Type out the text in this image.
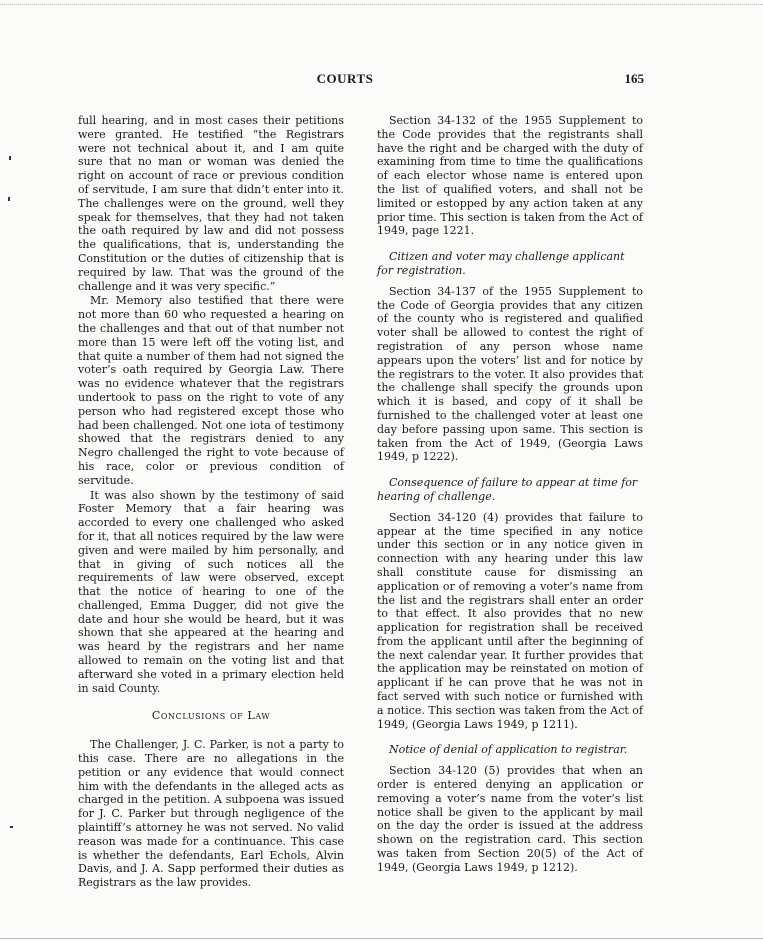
COURTS	165

full hearing, and in most cases their petitions were granted. He testified “the Registrars were not technical about it, and I am quite sure that no man or woman was denied the right on account of race or previous condition of servitude, I am sure that didn’t enter into it. The challenges were on the ground, well they speak for themselves, that they had not taken the oath required by law and did not possess the qualifications, that is, understanding the Constitution or the duties of citizenship that is required by law. That was the ground of the challenge and it was very specific.”

Mr. Memory also testified that there were not more than 60 who requested a hearing on the challenges and that out of that number not more than 15 were left off the voting list, and that quite a number of them had not signed the voter’s oath required by Georgia Law. There was no evidence whatever that the registrars undertook to pass on the right to vote of any person who had registered except those who had been challenged. Not one iota of testimony showed that the registrars denied to any Negro challenged the right to vote because of his race, color or previous condition of servitude.

It was also shown by the testimony of said Foster Memory that a fair hearing was accorded to every one challenged who asked for it, that all notices required by the law were given and were mailed by him personally, and that in giving of such notices all the requirements of law were observed, except that the notice of hearing to one of the challenged, Emma Dugger, did not give the date and hour she would be heard, but it was shown that she appeared at the hearing and was heard by the registrars and her name allowed to remain on the voting list and that afterward she voted in a primary election held in said County.

Conclusions of Law

The Challenger, J. C. Parker, is not a party to this case. There are no allegations in the petition or any evidence that would connect him with the defendants in the alleged acts as charged in the petition. A subpoena was issued for J. C. Parker but through negligence of the plaintiff’s attorney he was not served. No valid reason was made for a continuance. This case is whether the defendants, Earl Echols, Alvin Davis, and J. A. Sapp performed their duties as Registrars as the law provides.

Section 34-132 of the 1955 Supplement to the Code provides that the registrants shall have the right and be charged with the duty of examining from time to time the qualifications of each elector whose name is entered upon the list of qualified voters, and shall not be limited or estopped by any action taken at any prior time. This section is taken from the Act of 1949, page 1221.

Citizen and voter may challenge applicant for registration.

Section 34-137 of the 1955 Supplement to the Code of Georgia provides that any citizen of the county who is registered and qualified voter shall be allowed to contest the right of registration of any person whose name appears upon the voters’ list and for notice by the registrars to the voter. It also provides that the challenge shall specify the grounds upon which it is based, and copy of it shall be furnished to the challenged voter at least one day before passing upon same. This section is taken from the Act of 1949, (Georgia Laws 1949, p 1222).

Consequence of failure to appear at time for hearing of challenge.

Section 34-120 (4) provides that failure to appear at the time specified in any notice under this section or in any notice given in connection with any hearing under this law shall constitute cause for dismissing an application or of removing a voter’s name from the list and the registrars shall enter an order to that effect. It also provides that no new application for registration shall be received from the applicant until after the beginning of the next calendar year. It further provides that the application may be reinstated on motion of applicant if he can prove that he was not in fact served with such notice or furnished with a notice. This section was taken from the Act of 1949, (Georgia Laws 1949, p 1211).

Notice of denial of application to registrar.

Section 34-120 (5) provides that when an order is entered denying an application or removing a voter’s name from the voter’s list notice shall be given to the applicant by mail on the day the order is issued at the address shown on the registration card. This section was taken from Section 20(5) of the Act of 1949, (Georgia Laws 1949, p 1212).
